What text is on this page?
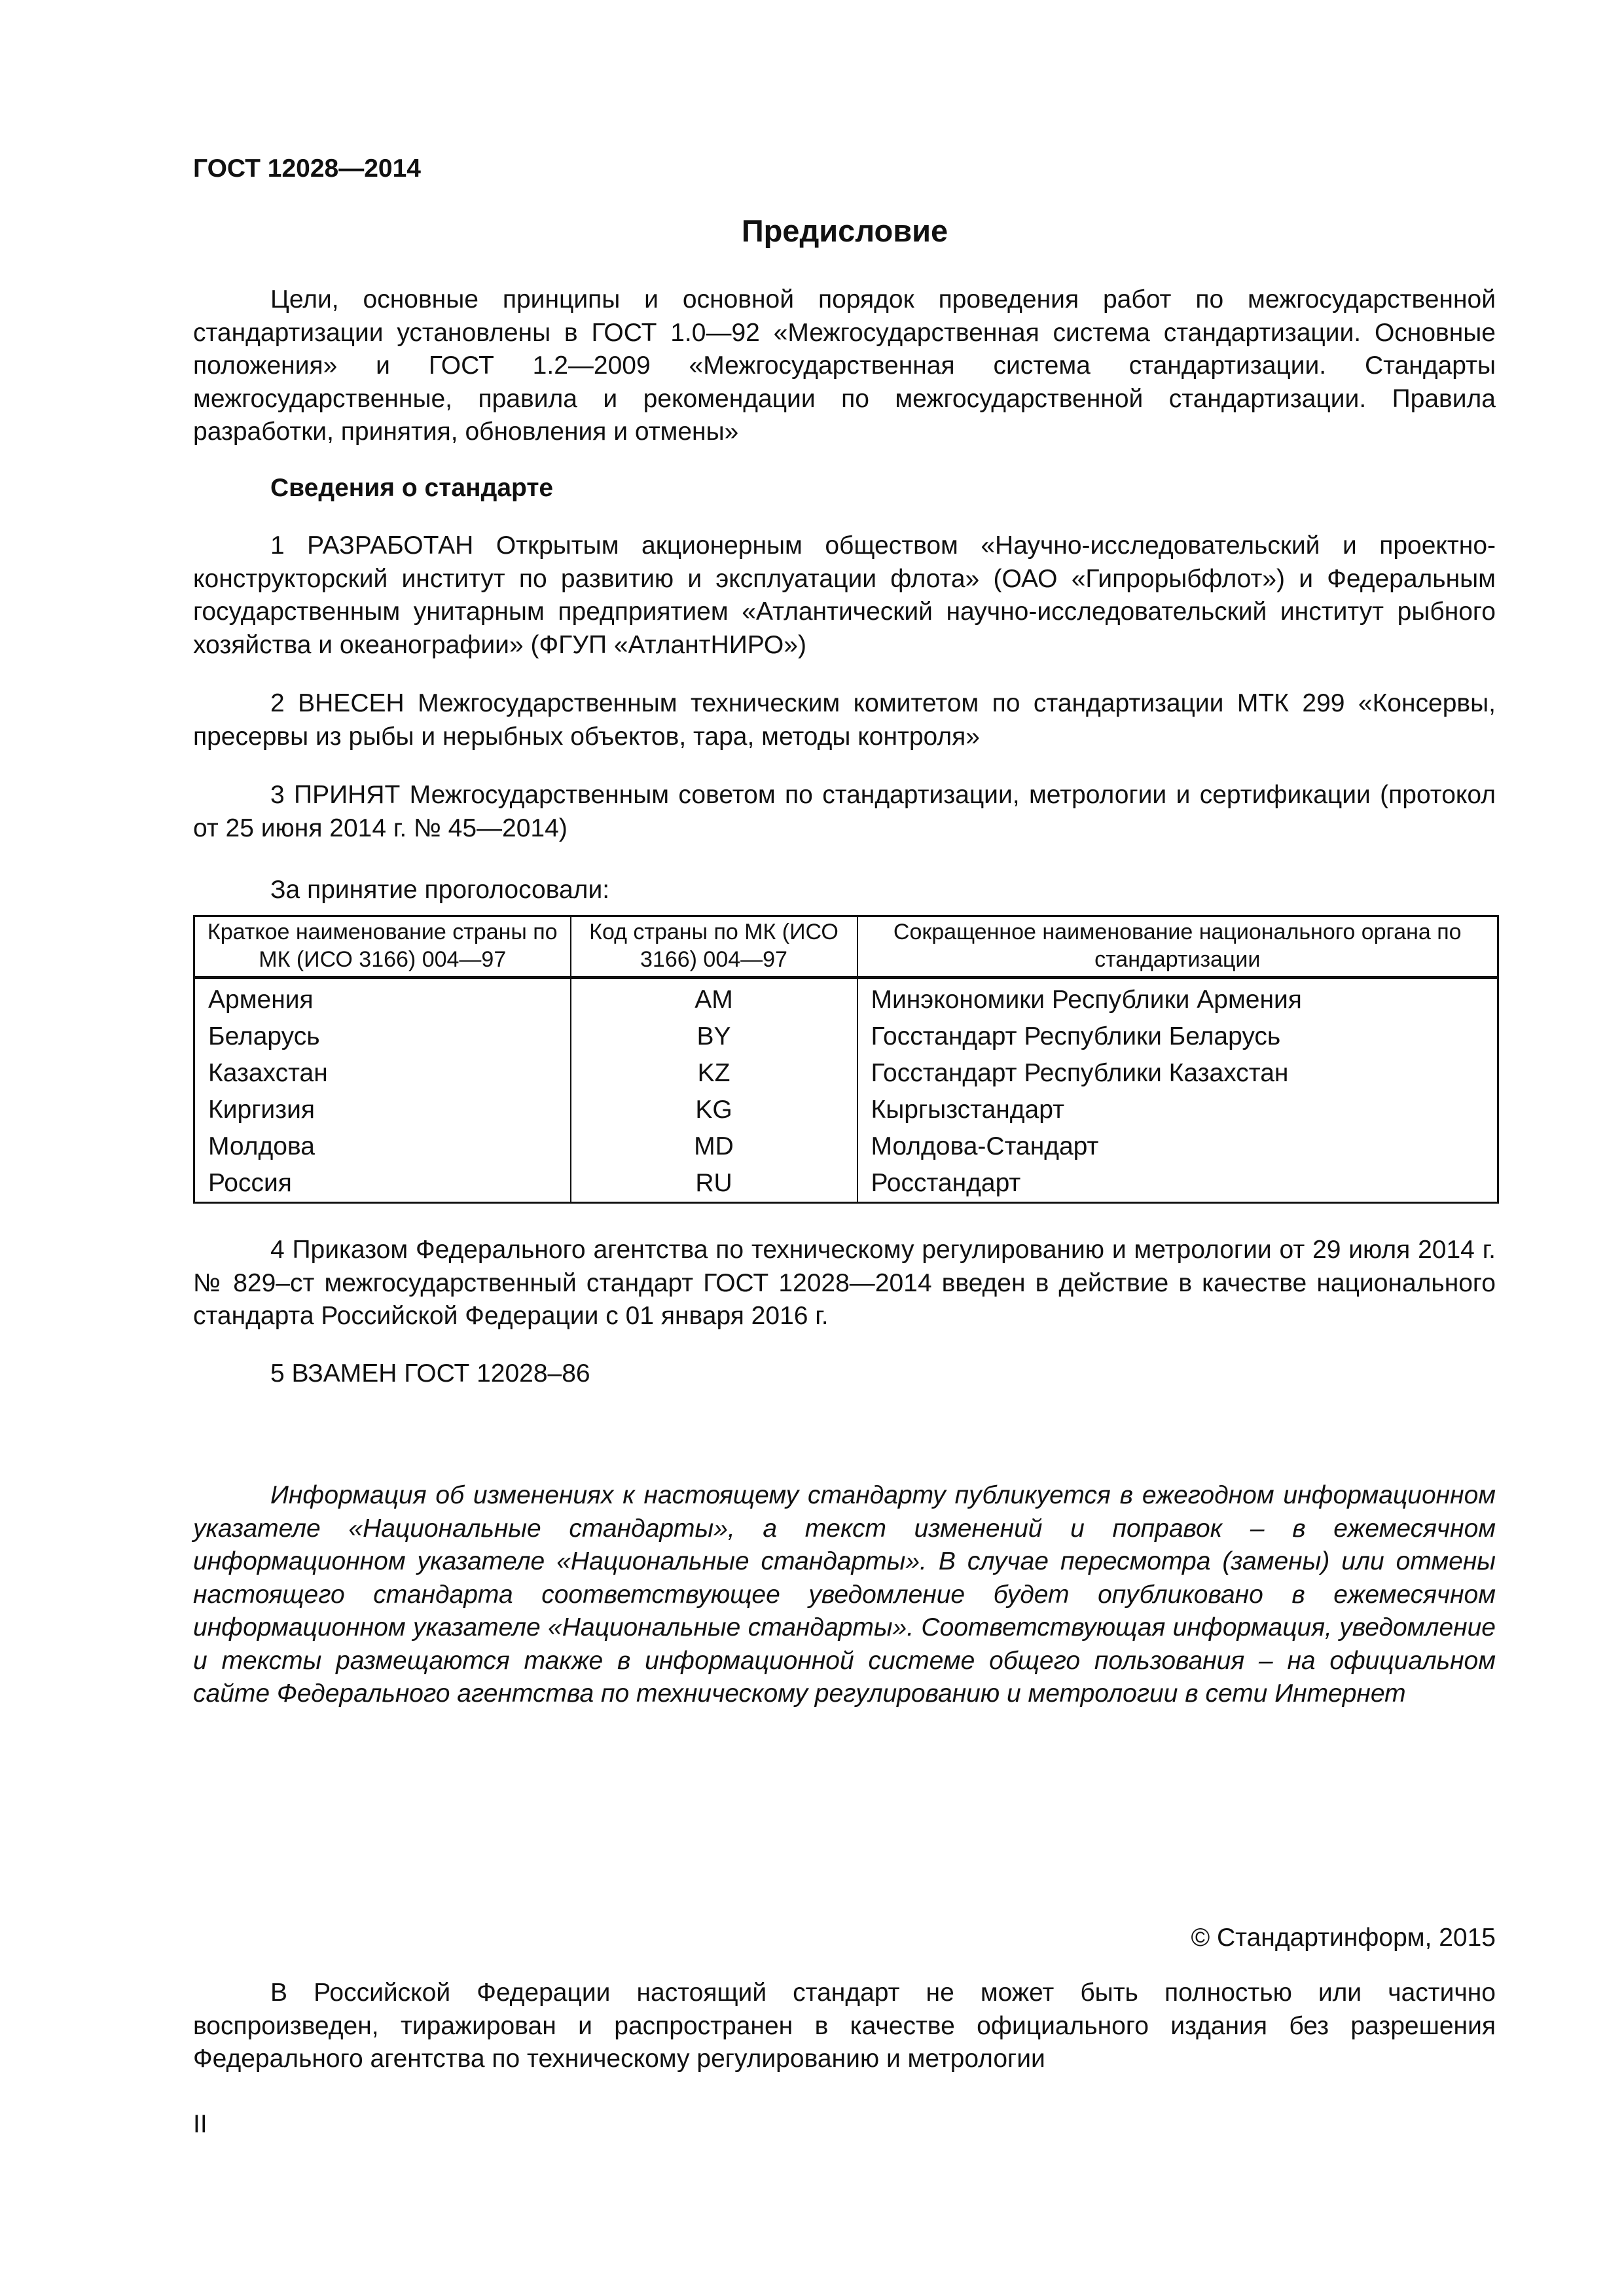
ГОСТ 12028—2014
Предисловие

Цели, основные принципы и основной порядок проведения работ по межгосударственной стандартизации установлены в ГОСТ 1.0—92 «Межгосударственная система стандартизации. Основные положения» и ГОСТ 1.2—2009 «Межгосударственная система стандартизации. Стандарты межгосударственные, правила и рекомендации по межгосударственной стандартизации. Правила разработки, принятия, обновления и отмены»

Сведения о стандарте

1 РАЗРАБОТАН Открытым акционерным обществом «Научно-исследовательский и проектно-конструкторский институт по развитию и эксплуатации флота» (ОАО «Гипрорыбфлот») и Федеральным государственным унитарным предприятием «Атлантический научно-исследовательский институт рыбного хозяйства и океанографии» (ФГУП «АтлантНИРО»)

2 ВНЕСЕН Межгосударственным техническим комитетом по стандартизации МТК 299 «Консервы, пресервы из рыбы и нерыбных объектов, тара, методы контроля»

3 ПРИНЯТ Межгосударственным советом по стандартизации, метрологии и сертификации (протокол от 25 июня 2014 г. № 45—2014)

За принятие проголосовали:
Краткое наименование страны по МК (ИСО 3166) 004—97	Код страны по МК (ИСО 3166) 004—97	Сокращенное наименование национального органа по стандартизации
Армения	AM	Минэкономики Республики Армения
Беларусь	BY	Госстандарт Республики Беларусь
Казахстан	KZ	Госстандарт Республики Казахстан
Киргизия	KG	Кыргызстандарт
Молдова	MD	Молдова-Стандарт
Россия	RU	Росстандарт

4 Приказом Федерального агентства по техническому регулированию и метрологии от 29 июля 2014 г. № 829–ст межгосударственный стандарт ГОСТ 12028—2014 введен в действие в качестве национального стандарта Российской Федерации с 01 января 2016 г.

5 ВЗАМЕН ГОСТ 12028–86

Информация об изменениях к настоящему стандарту публикуется в ежегодном информационном указателе «Национальные стандарты», а текст изменений и поправок – в ежемесячном информационном указателе «Национальные стандарты». В случае пересмотра (замены) или отмены настоящего стандарта соответствующее уведомление будет опубликовано в ежемесячном информационном указателе «Национальные стандарты». Соответствующая информация, уведомление и тексты размещаются также в информационной системе общего пользования – на официальном сайте Федерального агентства по техническому регулированию и метрологии в сети Интернет

© Стандартинформ, 2015

В Российской Федерации настоящий стандарт не может быть полностью или частично воспроизведен, тиражирован и распространен в качестве официального издания без разрешения Федерального агентства по техническому регулированию и метрологии

II
